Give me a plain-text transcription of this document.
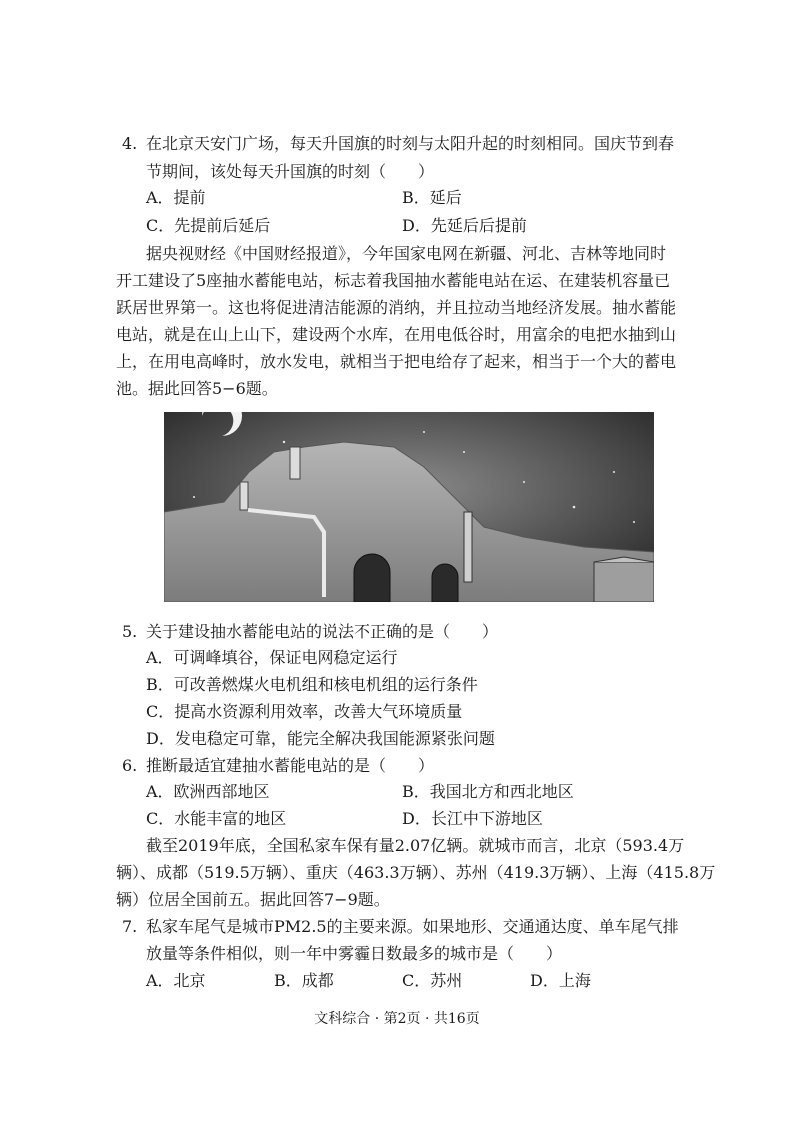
4. 在北京天安门广场，每天升国旗的时刻与太阳升起的时刻相同。国庆节到春
节期间，该处每天升国旗的时刻（　　）
A．提前	B．延后
C．先提前后延后	D．先延后后提前
据央视财经《中国财经报道》，今年国家电网在新疆、河北、吉林等地同时
开工建设了5座抽水蓄能电站，标志着我国抽水蓄能电站在运、在建装机容量已
跃居世界第一。这也将促进清洁能源的消纳，并且拉动当地经济发展。抽水蓄能
电站，就是在山上山下，建设两个水库，在用电低谷时，用富余的电把水抽到山
上，在用电高峰时，放水发电，就相当于把电给存了起来，相当于一个大的蓄电
池。据此回答5−6题。
5. 关于建设抽水蓄能电站的说法不正确的是（　　）
A．可调峰填谷，保证电网稳定运行
B．可改善燃煤火电机组和核电机组的运行条件
C．提高水资源利用效率，改善大气环境质量
D．发电稳定可靠，能完全解决我国能源紧张问题
6. 推断最适宜建抽水蓄能电站的是（　　）
A．欧洲西部地区	B．我国北方和西北地区
C．水能丰富的地区	D．长江中下游地区
截至2019年底，全国私家车保有量2.07亿辆。就城市而言，北京（593.4万
辆）、成都（519.5万辆）、重庆（463.3万辆）、苏州（419.3万辆）、上海（415.8万
辆）位居全国前五。据此回答7−9题。
7. 私家车尾气是城市PM2.5的主要来源。如果地形、交通通达度、单车尾气排
放量等条件相似，则一年中雾霾日数最多的城市是（　　）
A．北京	B．成都	C．苏州	D．上海
文科综合 · 第2页 · 共16页
